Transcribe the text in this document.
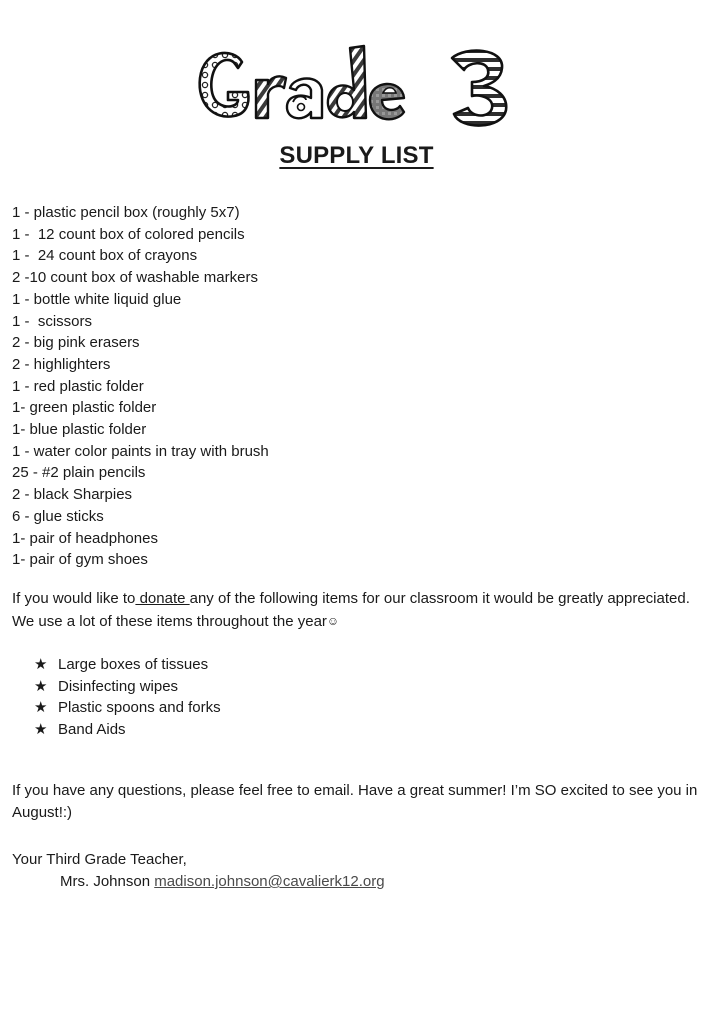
SUPPLY LIST
1 - plastic pencil box (roughly 5x7)
1 -  12 count box of colored pencils
1 -  24 count box of crayons
2 -10 count box of washable markers
1 - bottle white liquid glue
1 -  scissors
2 - big pink erasers
2 - highlighters
1 - red plastic folder
1- green plastic folder
1- blue plastic folder
1 - water color paints in tray with brush
25 - #2 plain pencils
2 - black Sharpies
6 - glue sticks
1- pair of headphones
1- pair of gym shoes

If you would like to donate any of the following items for our classroom it would be greatly appreciated. We use a lot of these items throughout the year☺

★ Large boxes of tissues
★ Disinfecting wipes
★ Plastic spoons and forks
★ Band Aids

If you have any questions, please feel free to email. Have a great summer! I’m SO excited to see you in August!:)

Your Third Grade Teacher,
Mrs. Johnson madison.johnson@cavalierk12.org
